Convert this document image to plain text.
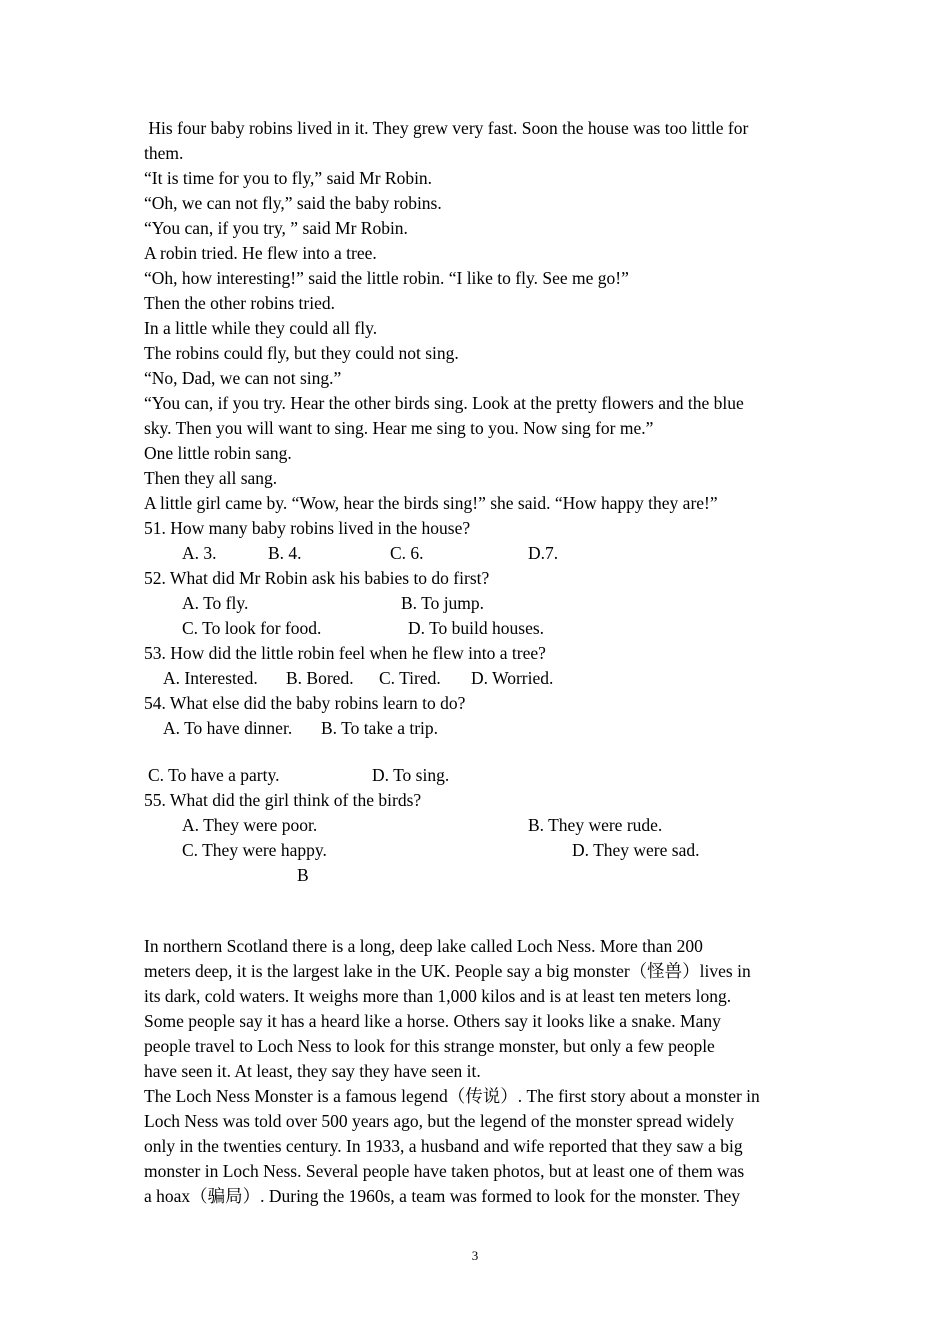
His four baby robins lived in it. They grew very fast. Soon the house was too little for
them.
“It is time for you to fly,” said Mr Robin.
“Oh, we can not fly,” said the baby robins.
“You can, if you try, ” said Mr Robin.
A robin tried. He flew into a tree.
“Oh, how interesting!” said the little robin. “I like to fly. See me go!”
Then the other robins tried.
In a little while they could all fly.
The robins could fly, but they could not sing.
“No, Dad, we can not sing.”
“You can, if you try. Hear the other birds sing. Look at the pretty flowers and the blue
sky. Then you will want to sing. Hear me sing to you. Now sing for me.”
One little robin sang.
Then they all sang.
A little girl came by. “Wow, hear the birds sing!” she said. “How happy they are!”
51. How many baby robins lived in the house?
A. 3.	B. 4.	C. 6.	D.7.
52. What did Mr Robin ask his babies to do first?
A. To fly.	B. To jump.
C. To look for food.	D. To build houses.
53. How did the little robin feel when he flew into a tree?
A. Interested. B. Bored. C. Tired. D. Worried.
54. What else did the baby robins learn to do?
A. To have dinner. B. To take a trip.
C. To have a party.	D. To sing.
55. What did the girl think of the birds?
A. They were poor.	B. They were rude.
C. They were happy.	D. They were sad.
B
In northern Scotland there is a long, deep lake called Loch Ness. More than 200
meters deep, it is the largest lake in the UK. People say a big monster（怪兽）lives in
its dark, cold waters. It weighs more than 1,000 kilos and is at least ten meters long.
Some people say it has a heard like a horse. Others say it looks like a snake. Many
people travel to Loch Ness to look for this strange monster, but only a few people
have seen it. At least, they say they have seen it.
The Loch Ness Monster is a famous legend（传说）. The first story about a monster in
Loch Ness was told over 500 years ago, but the legend of the monster spread widely
only in the twenties century. In 1933, a husband and wife reported that they saw a big
monster in Loch Ness. Several people have taken photos, but at least one of them was
a hoax（骗局）. During the 1960s, a team was formed to look for the monster. They
3
